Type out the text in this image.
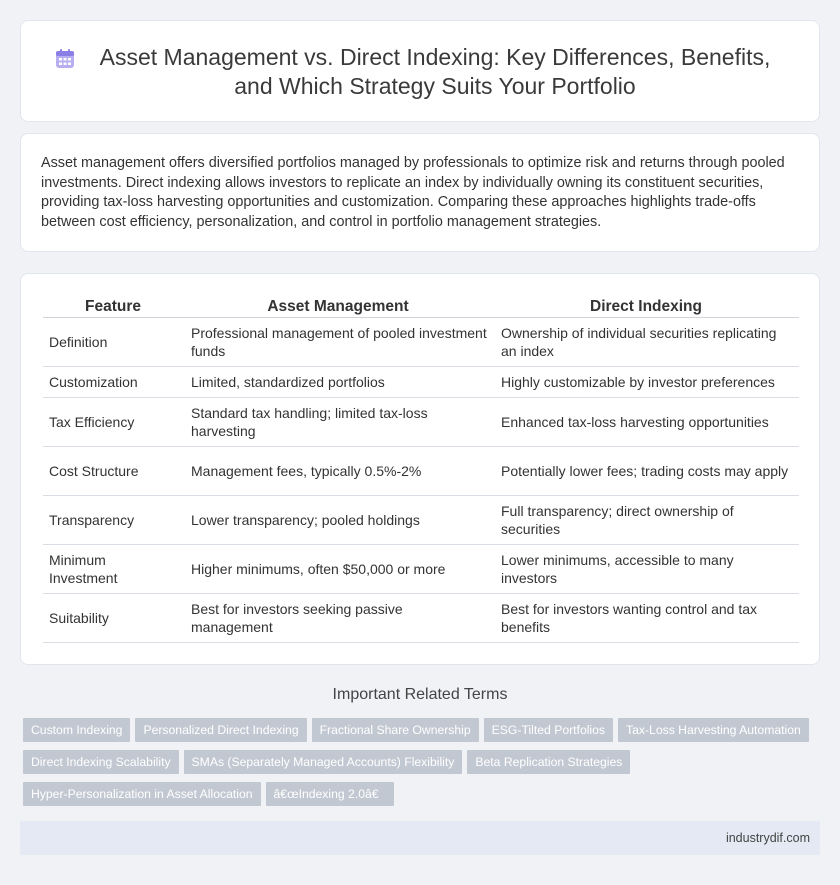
Asset Management vs. Direct Indexing: Key Differences, Benefits,
and Which Strategy Suits Your Portfolio

Asset management offers diversified portfolios managed by professionals to optimize risk and returns through pooled investments. Direct indexing allows investors to replicate an index by individually owning its constituent securities, providing tax-loss harvesting opportunities and customization. Comparing these approaches highlights trade-offs between cost efficiency, personalization, and control in portfolio management strategies.

Feature	Asset Management	Direct Indexing
Definition	Professional management of pooled investment funds	Ownership of individual securities replicating an index
Customization	Limited, standardized portfolios	Highly customizable by investor preferences
Tax Efficiency	Standard tax handling; limited tax-loss harvesting	Enhanced tax-loss harvesting opportunities
Cost Structure	Management fees, typically 0.5%-2%	Potentially lower fees; trading costs may apply
Transparency	Lower transparency; pooled holdings	Full transparency; direct ownership of securities
Minimum Investment	Higher minimums, often $50,000 or more	Lower minimums, accessible to many investors
Suitability	Best for investors seeking passive management	Best for investors wanting control and tax benefits
Important Related Terms
Custom Indexing Personalized Direct Indexing Fractional Share Ownership ESG-Tilted Portfolios Tax-Loss Harvesting Automation
Direct Indexing Scalability SMAs (Separately Managed Accounts) Flexibility Beta Replication Strategies
Hyper-Personalization in Asset Allocation â€œIndexing 2.0â€
industrydif.com
